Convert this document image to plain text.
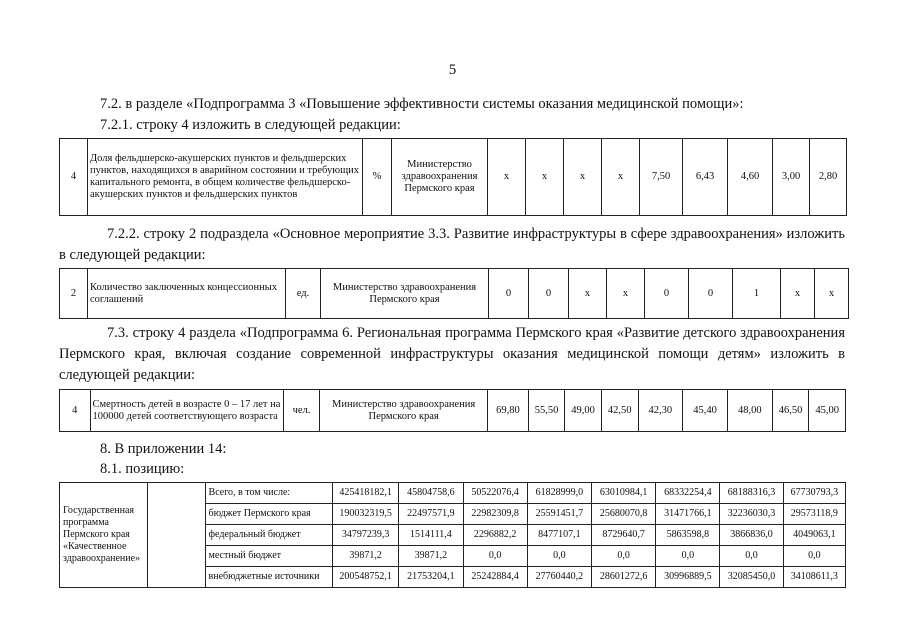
5
7.2. в разделе «Подпрограмма 3 «Повышение эффективности системы оказания медицинской помощи»:
7.2.1. строку 4 изложить в следующей редакции:
4	Доля фельдшерско-акушерских пунктов и фельдшерских пунктов, находящихся в аварийном состоянии и требующих капитального ремонта, в общем количестве фельдшерско-акушерских пунктов и фельдшерских пунктов	%	Министерство здравоохранения Пермского края	x	x	x	x	7,50	6,43	4,60	3,00	2,80
7.2.2. строку 2 подраздела «Основное мероприятие 3.3. Развитие инфраструктуры в сфере здравоохранения» изложить в следующей редакции:
2	Количество заключенных концессионных соглашений	ед.	Министерство здравоохранения Пермского края	0	0	x	x	0	0	1	x	x
7.3. строку 4 раздела «Подпрограмма 6. Региональная программа Пермского края «Развитие детского здравоохранения Пермского края, включая создание современной инфраструктуры оказания медицинской помощи детям» изложить в следующей редакции:
4	Смертность детей в возрасте 0 – 17 лет на 100000 детей соответствующего возраста	чел.	Министерство здравоохранения Пермского края	69,80	55,50	49,00	42,50	42,30	45,40	48,00	46,50	45,00
8. В приложении 14:
8.1. позицию:
Государственная программа Пермского края «Качественное здравоохранение»		Всего, в том числе:	425418182,1	45804758,6	50522076,4	61828999,0	63010984,1	68332254,4	68188316,3	67730793,3
		бюджет Пермского края	190032319,5	22497571,9	22982309,8	25591451,7	25680070,8	31471766,1	32236030,3	29573118,9
		федеральный бюджет	34797239,3	1514111,4	2296882,2	8477107,1	8729640,7	5863598,8	3866836,0	4049063,1
		местный бюджет	39871,2	39871,2	0,0	0,0	0,0	0,0	0,0	0,0
		внебюджетные источники	200548752,1	21753204,1	25242884,4	27760440,2	28601272,6	30996889,5	32085450,0	34108611,3
